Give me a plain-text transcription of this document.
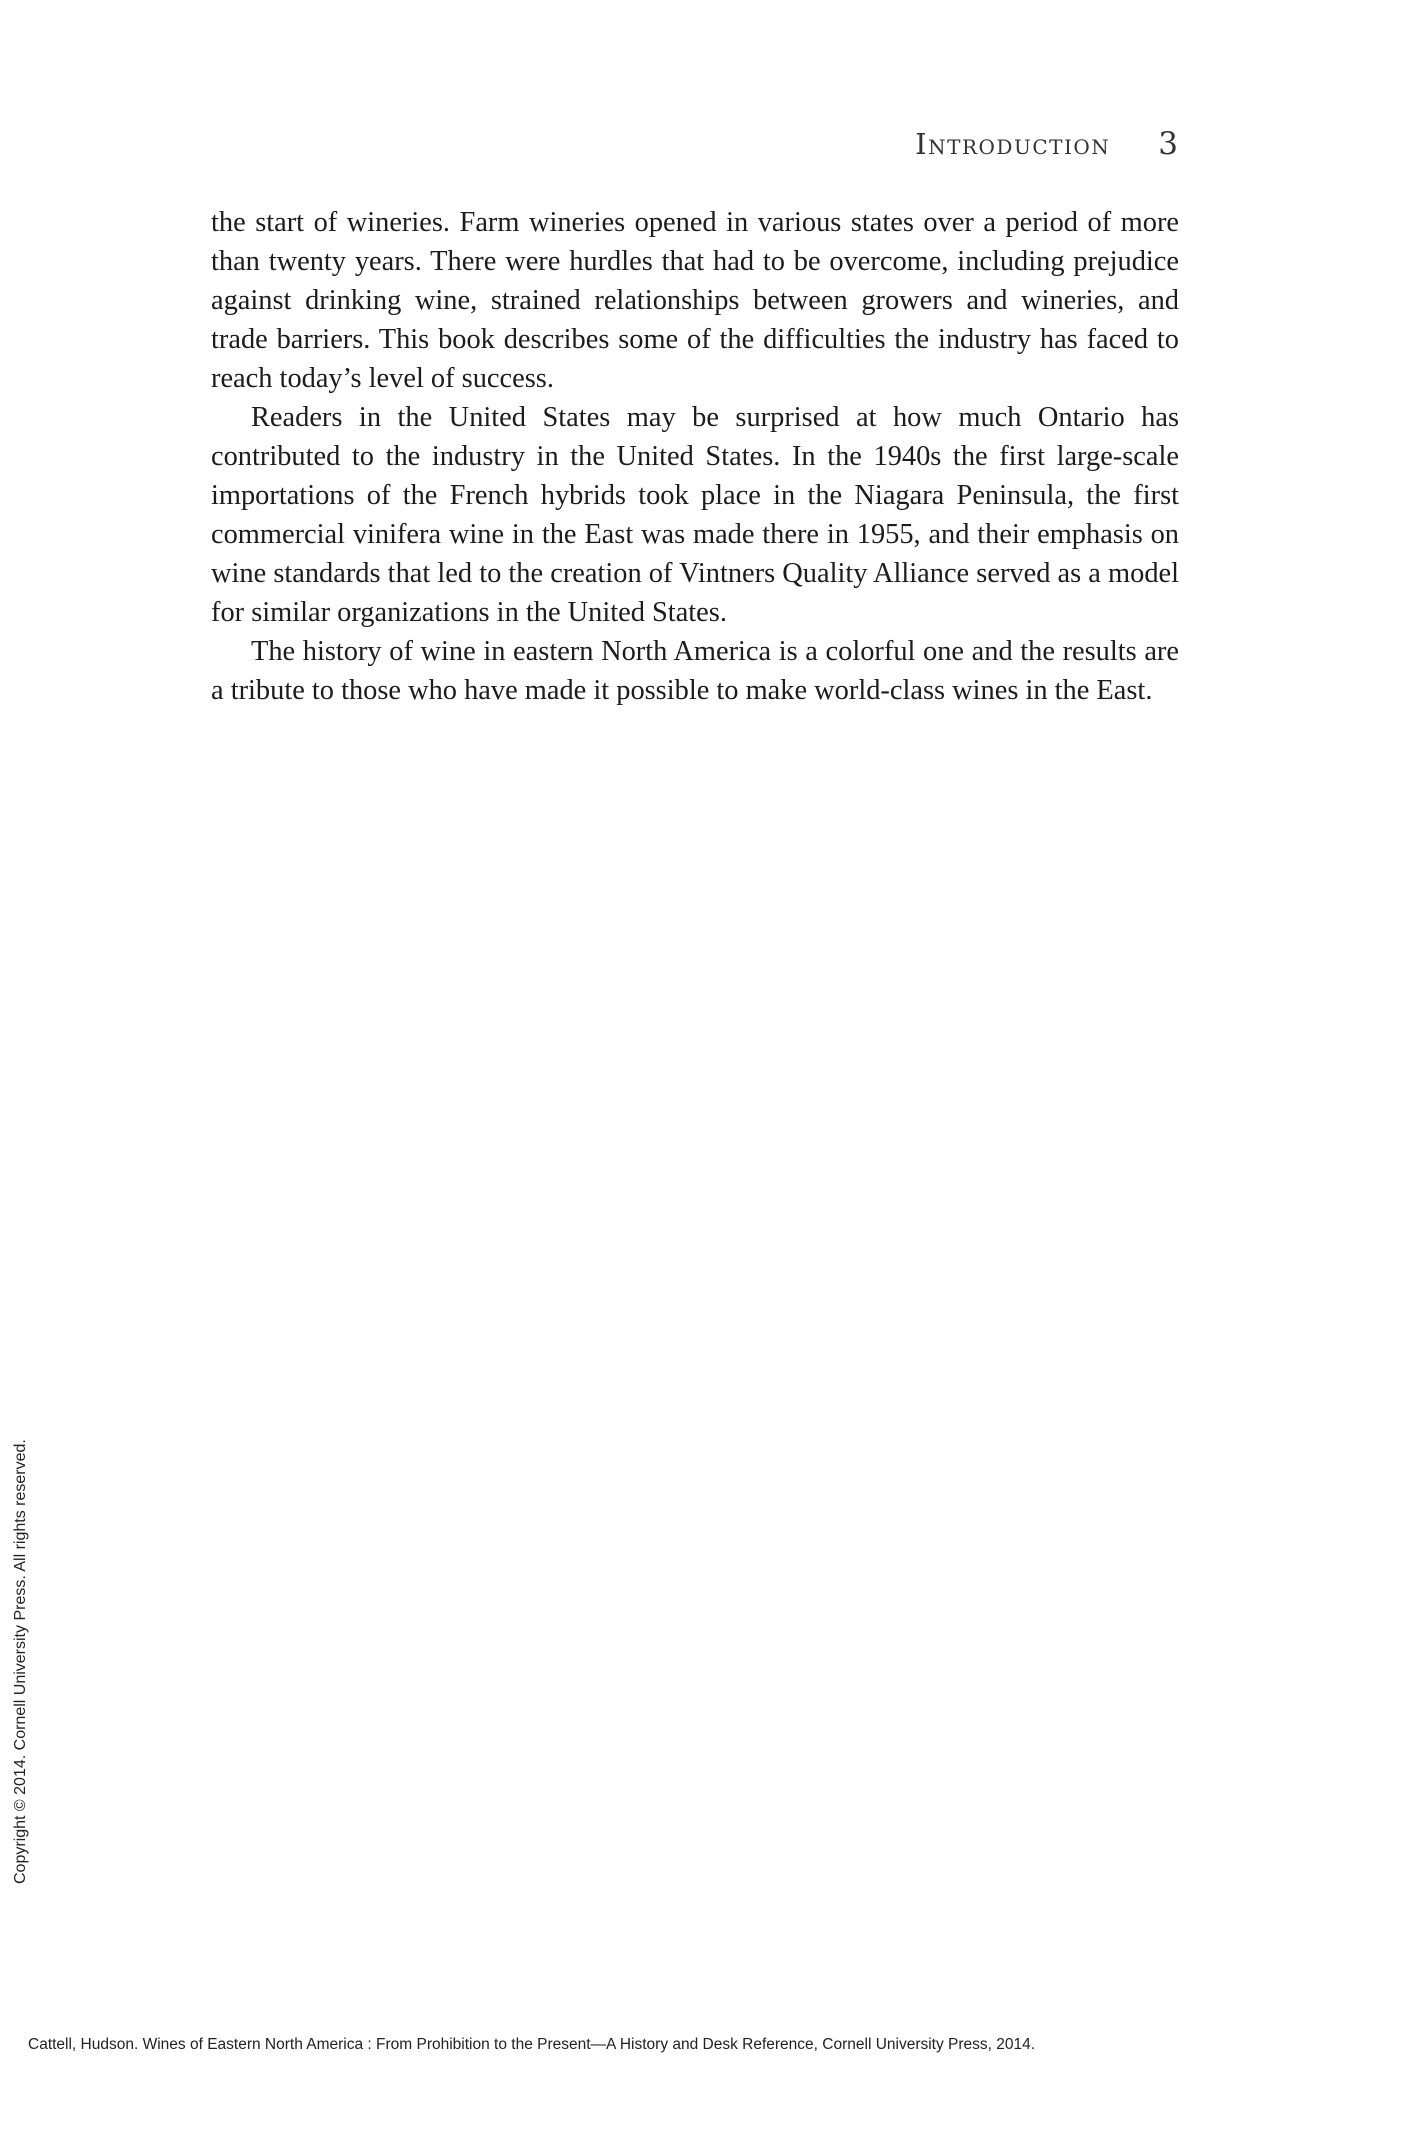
Introduction 3

the start of wineries. Farm wineries opened in various states over a period of more than twenty years. There were hurdles that had to be overcome, including prejudice against drinking wine, strained relationships between growers and wineries, and trade barriers. This book describes some of the difficulties the industry has faced to reach today’s level of success.

Readers in the United States may be surprised at how much Ontario has contributed to the industry in the United States. In the 1940s the first large-scale importations of the French hybrids took place in the Niagara Peninsula, the first commercial vinifera wine in the East was made there in 1955, and their emphasis on wine standards that led to the creation of Vintners Quality Alliance served as a model for similar organizations in the United States.

The history of wine in eastern North America is a colorful one and the results are a tribute to those who have made it possible to make world-class wines in the East.

Copyright © 2014. Cornell University Press. All rights reserved.
Cattell, Hudson. Wines of Eastern North America : From Prohibition to the Present—A History and Desk Reference, Cornell University Press, 2014.
